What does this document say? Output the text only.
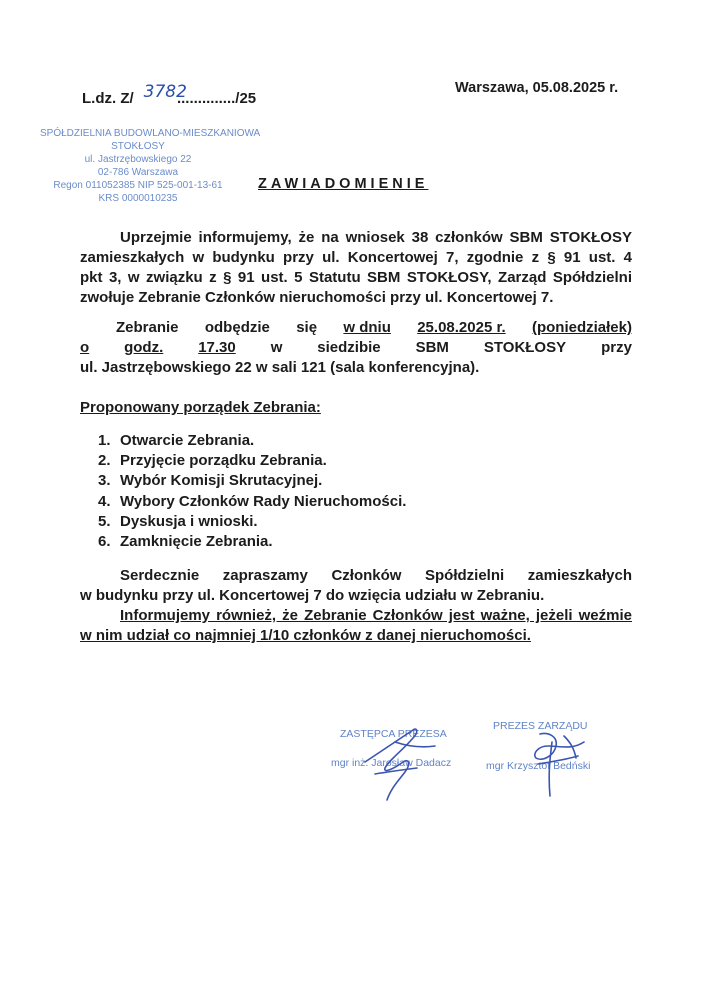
L.dz. Z/ 3782............../25
Warszawa, 05.08.2025 r.
SPÓŁDZIELNIA BUDOWLANO-MIESZKANIOWA
STOKŁOSY
ul. Jastrzębowskiego 22
02-786 Warszawa
Regon 011052385 NIP 525-001-13-61
KRS 0000010235
ZAWIADOMIENIE
Uprzejmie informujemy, że na wniosek 38 członków SBM STOKŁOSY
zamieszkałych w budynku przy ul. Koncertowej 7, zgodnie z § 91 ust. 4
pkt 3, w związku z § 91 ust. 5 Statutu SBM STOKŁOSY, Zarząd Spółdzielni
zwołuje Zebranie Członków nieruchomości przy ul. Koncertowej 7.
Zebranie odbędzie się w dniu 25.08.2025 r. (poniedziałek)
o godz. 17.30 w siedzibie SBM STOKŁOSY przy
ul. Jastrzębowskiego 22 w sali 121 (sala konferencyjna).
Proponowany porządek Zebrania:
1. Otwarcie Zebrania.
2. Przyjęcie porządku Zebrania.
3. Wybór Komisji Skrutacyjnej.
4. Wybory Członków Rady Nieruchomości.
5. Dyskusja i wnioski.
6. Zamknięcie Zebrania.
Serdecznie zapraszamy Członków Spółdzielni zamieszkałych
w budynku przy ul. Koncertowej 7 do wzięcia udziału w Zebraniu.
Informujemy również, że Zebranie Członków jest ważne, jeżeli weźmie
w nim udział co najmniej 1/10 członków z danej nieruchomości.
ZASTĘPCA PREZESA
mgr inż. Jarosław Dadacz
PREZES ZARZĄDU
mgr Krzysztof Bedński
